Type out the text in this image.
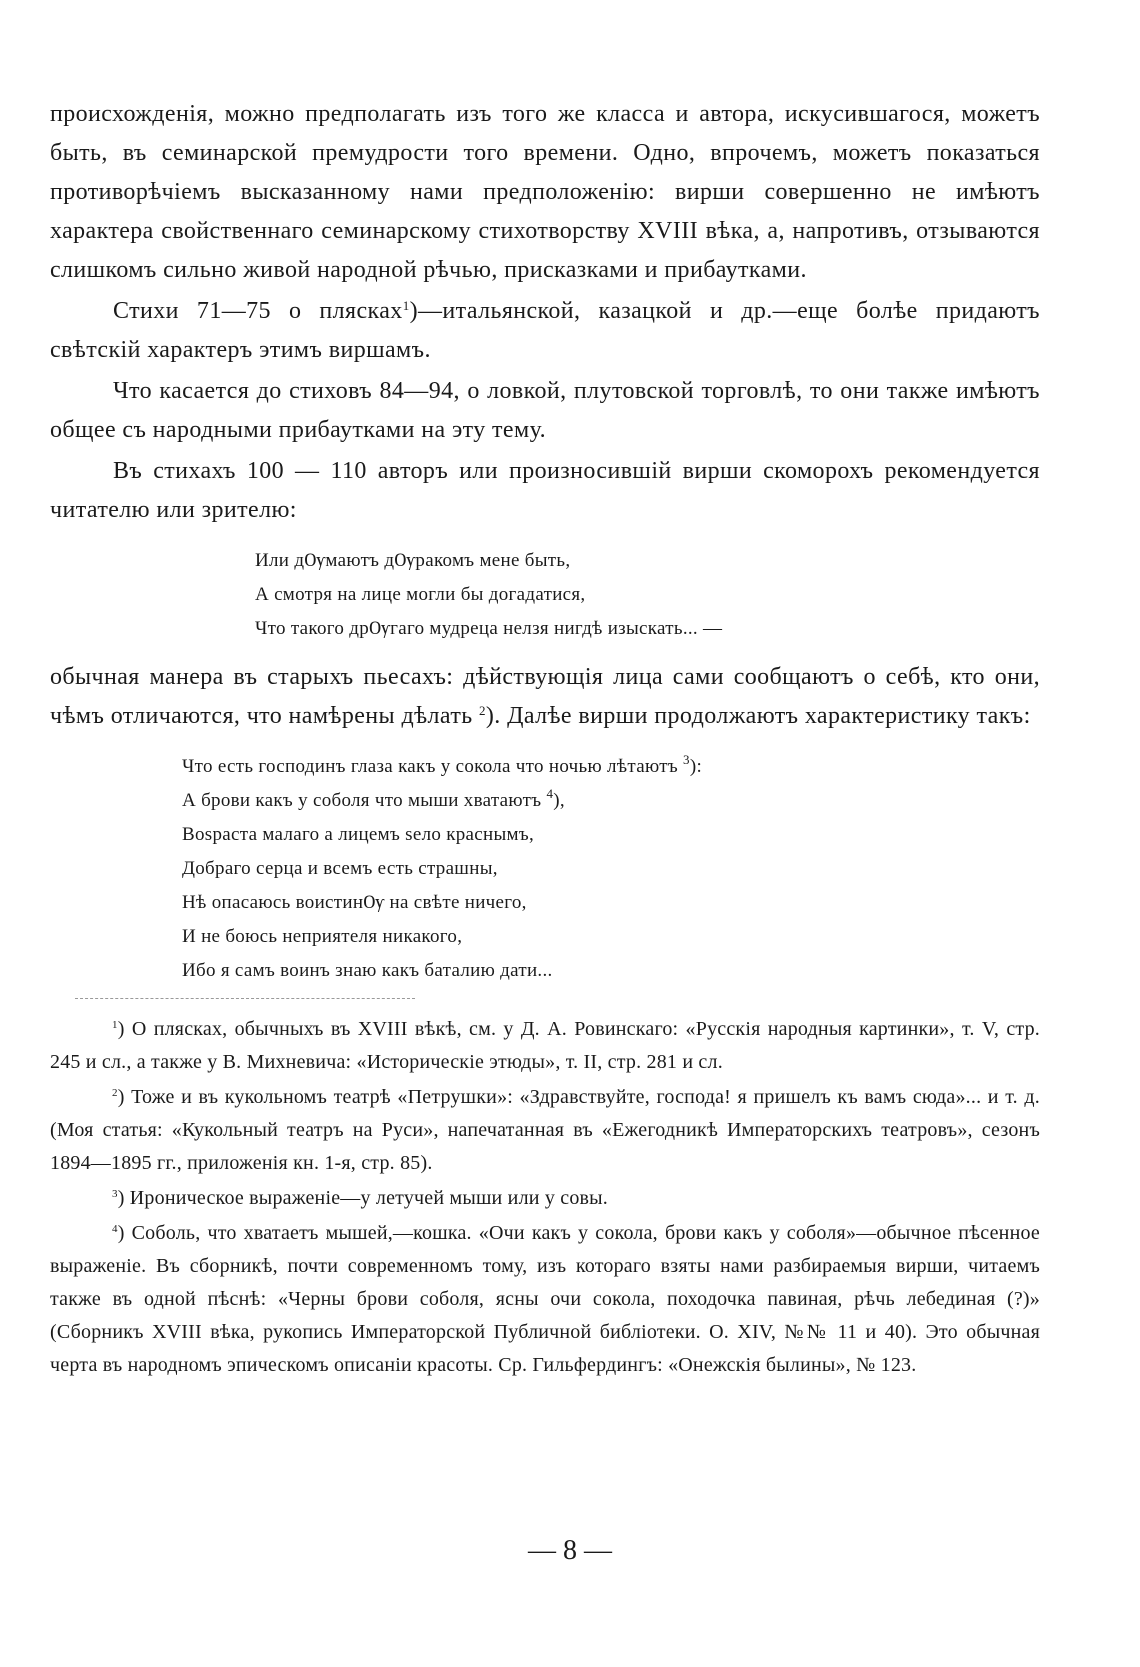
происхожденія, можно предполагать изъ того же класса и автора, искусившагося, можетъ быть, въ семинарской премудрости того времени. Одно, впрочемъ, можетъ показаться противорѣчіемъ высказанному нами предположенію: вирши совершенно не имѣютъ характера свойственнаго семинарскому стихотворству XVIII вѣка, а, напротивъ, отзываются слишкомъ сильно живой народной рѣчью, присказками и прибаутками.

Стихи 71—75 о плясках$^1$)—итальянской, казацкой и др.—еще болѣе придаютъ свѣтскій характеръ этимъ виршамъ.

Что касается до стиховъ 84—94, о ловкой, плутовской торговлѣ, то они также имѣютъ общее съ народными прибаутками на эту тему.

Въ стихахъ 100 — 110 авторъ или произносившій вирши скоморохъ рекомендуется читателю или зрителю:

Или дѸмаютъ дѸракомъ мене быть,
А смотря на лице могли бы догадатися,
Что такого дрѸгаго мудреца нелзя нигдѣ изыскать... —

обычная манера въ старыхъ пьесахъ: дѣйствующія лица сами сообщаютъ о себѣ, кто они, чѣмъ отличаются, что намѣрены дѣлать $^2$). Далѣе вирши продолжаютъ характеристику такъ:

Что есть господинъ глаза какъ у сокола что ночью лѣтаютъ $^3$):
А брови какъ у соболя что мыши хватаютъ $^4$),
Воѕраста малаго а лицемъ ѕело краснымъ,
Добраго серца и всемъ есть страшны,
Нѣ опасаюсь воистинѸ на свѣте ничего,
И не боюсь неприятеля никакого,
Ибо я самъ воинъ знаю какъ баталию дати...

$^1$) О плясках, обычныхъ въ XVIII вѣкѣ, см. у Д. А. Ровинскаго: «Русскія народныя картинки», т. V, стр. 245 и сл., а также у В. Михневича: «Историческіе этюды», т. II, стр. 281 и сл.

$^2$) Тоже и въ кукольномъ театрѣ «Петрушки»: «Здравствуйте, господа! я пришелъ къ вамъ сюда»... и т. д. (Моя статья: «Кукольный театръ на Руси», напечатанная въ «Ежегодникѣ Императорскихъ театровъ», сезонъ 1894—1895 гг., приложенія кн. 1-я, стр. 85).

$^3$) Ироническое выраженіе—у летучей мыши или у совы.

$^4$) Соболь, что хватаетъ мышей,—кошка. «Очи какъ у сокола, брови какъ у соболя»—обычное пѣсенное выраженіе. Въ сборникѣ, почти современномъ тому, изъ котораго взяты нами разбираемыя вирши, читаемъ также въ одной пѣснѣ: «Черны брови соболя, ясны очи сокола, походочка павиная, рѣчь лебединая (?)» (Сборникъ XVIII вѣка, рукопись Императорской Публичной библіотеки. О. XIV, №№ 11 и 40). Это обычная черта въ народномъ эпическомъ описаніи красоты. Ср. Гильфердингъ: «Онежскія былины», № 123.

— 8 —
